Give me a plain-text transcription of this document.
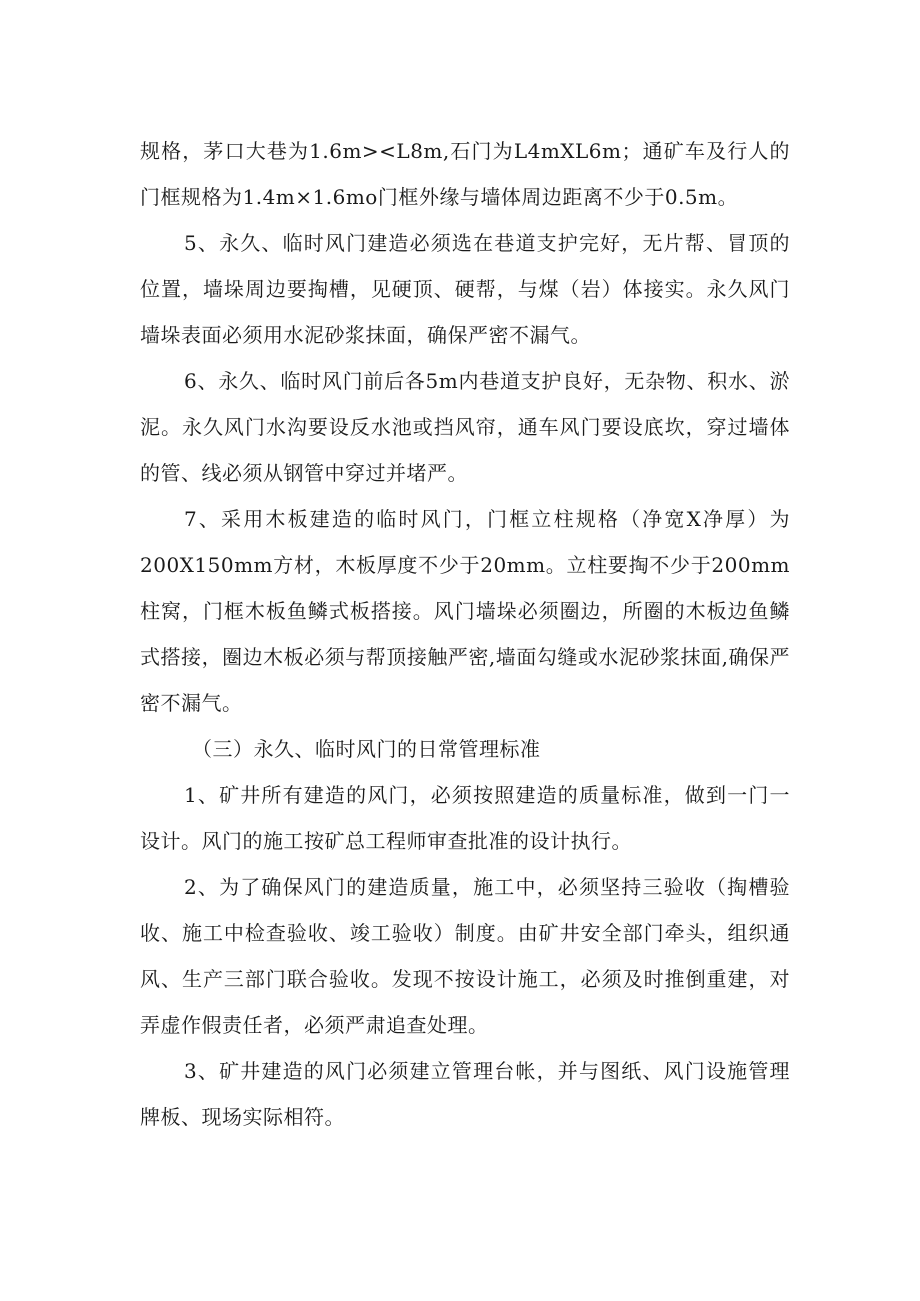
规格，茅口大巷为1.6m><L8m,石门为L4mXL6m；通矿车及行人的门框规格为1.4m×1.6mo门框外缘与墙体周边距离不少于0.5m。

5、永久、临时风门建造必须选在巷道支护完好，无片帮、冒顶的位置，墙垛周边要掏槽，见硬顶、硬帮，与煤（岩）体接实。永久风门墙垛表面必须用水泥砂浆抹面，确保严密不漏气。

6、永久、临时风门前后各5m内巷道支护良好，无杂物、积水、淤泥。永久风门水沟要设反水池或挡风帘，通车风门要设底坎，穿过墙体的管、线必须从钢管中穿过并堵严。

7、采用木板建造的临时风门，门框立柱规格（净宽X净厚）为200X150mm方材，木板厚度不少于20mm。立柱要掏不少于200mm柱窝，门框木板鱼鳞式板搭接。风门墙垛必须圈边，所圈的木板边鱼鳞式搭接，圈边木板必须与帮顶接触严密,墙面勾缝或水泥砂浆抹面,确保严密不漏气。

（三）永久、临时风门的日常管理标准

1、矿井所有建造的风门，必须按照建造的质量标准，做到一门一设计。风门的施工按矿总工程师审查批准的设计执行。

2、为了确保风门的建造质量，施工中，必须坚持三验收（掏槽验收、施工中检查验收、竣工验收）制度。由矿井安全部门牵头，组织通风、生产三部门联合验收。发现不按设计施工，必须及时推倒重建，对弄虚作假责任者，必须严肃追查处理。

3、矿井建造的风门必须建立管理台帐，并与图纸、风门设施管理牌板、现场实际相符。
